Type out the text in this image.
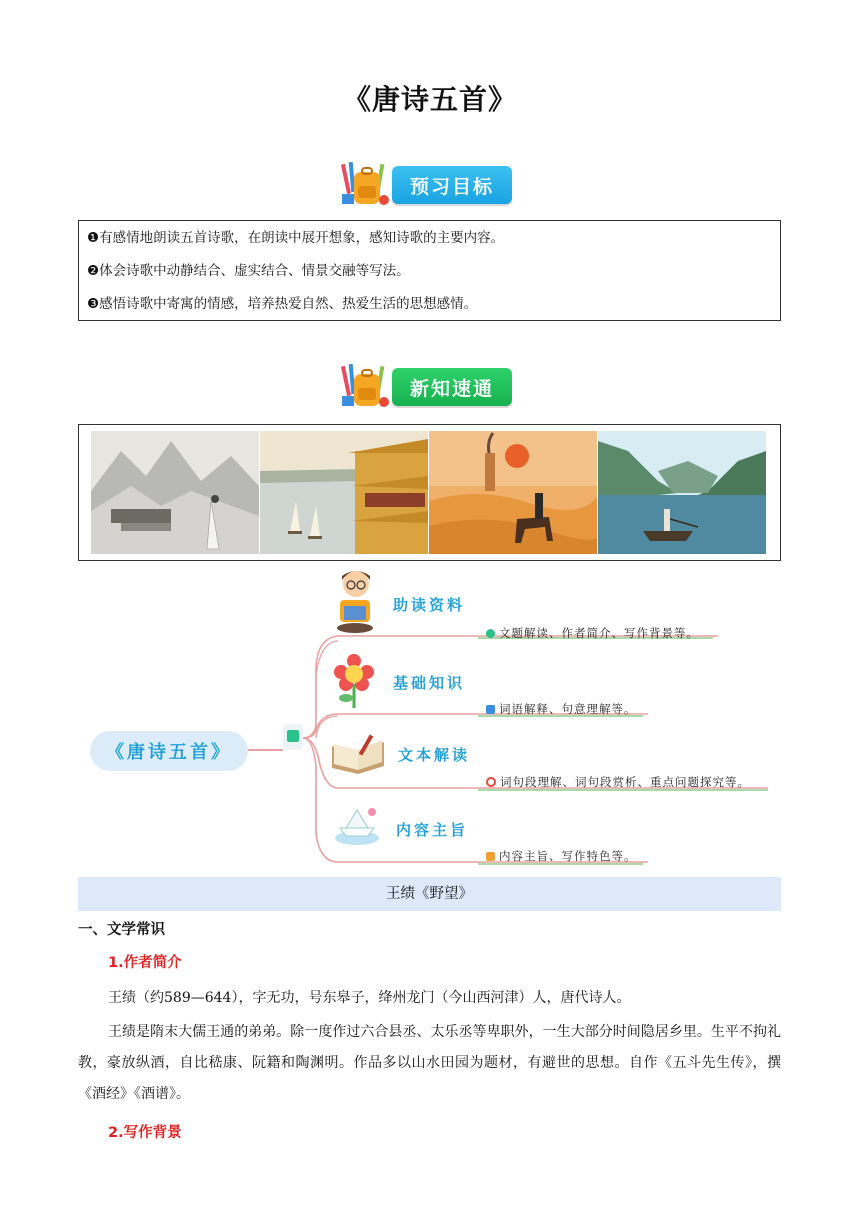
《唐诗五首》
预习目标

❶有感情地朗读五首诗歌，在朗读中展开想象，感知诗歌的主要内容。

❷体会诗歌中动静结合、虚实结合、情景交融等写法。

❸感悟诗歌中寄寓的情感，培养热爱自然、热爱生活的思想感情。

新知速通
《唐诗五首》
助读资料
文题解读、作者简介、写作背景等。
基础知识
词语解释、句意理解等。
文本解读
词句段理解、词句段赏析、重点问题探究等。
内容主旨
内容主旨、写作特色等。
王绩《野望》
一、文学常识
1.作者简介
王绩（约589—644），字无功，号东皋子，绛州龙门（今山西河津）人，唐代诗人。
王绩是隋末大儒王通的弟弟。除一度作过六合县丞、太乐丞等卑职外，一生大部分时间隐居乡里。生平不拘礼教，豪放纵酒，自比嵇康、阮籍和陶渊明。作品多以山水田园为题材，有避世的思想。自作《五斗先生传》，撰《酒经》《酒谱》。
2.写作背景
